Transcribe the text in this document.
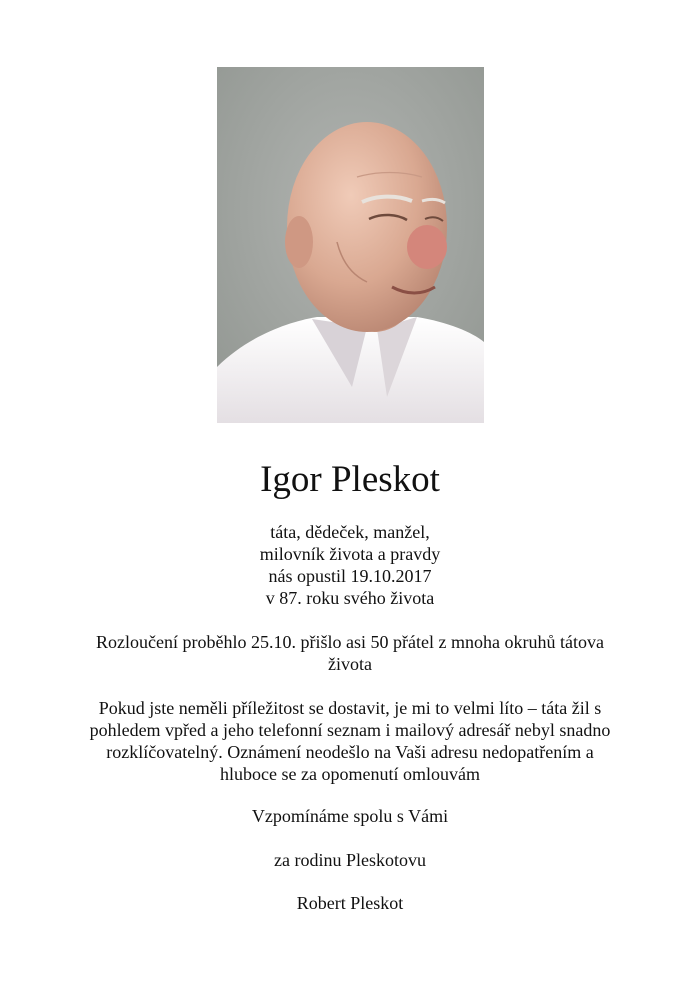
Igor Pleskot

táta, dědeček, manžel,
milovník života a pravdy
nás opustil 19.10.2017
v 87. roku svého života

Rozloučení proběhlo 25.10. přišlo asi 50 přátel z mnoha okruhů tátova
života

Pokud jste neměli příležitost se dostavit, je mi to velmi líto – táta žil s
pohledem vpřed a jeho telefonní seznam i mailový adresář nebyl snadno
rozklíčovatelný. Oznámení neodešlo na Vaši adresu nedopatřením a
hluboce se za opomenutí omlouvám

Vzpomínáme spolu s Vámi

za rodinu Pleskotovu

Robert Pleskot
